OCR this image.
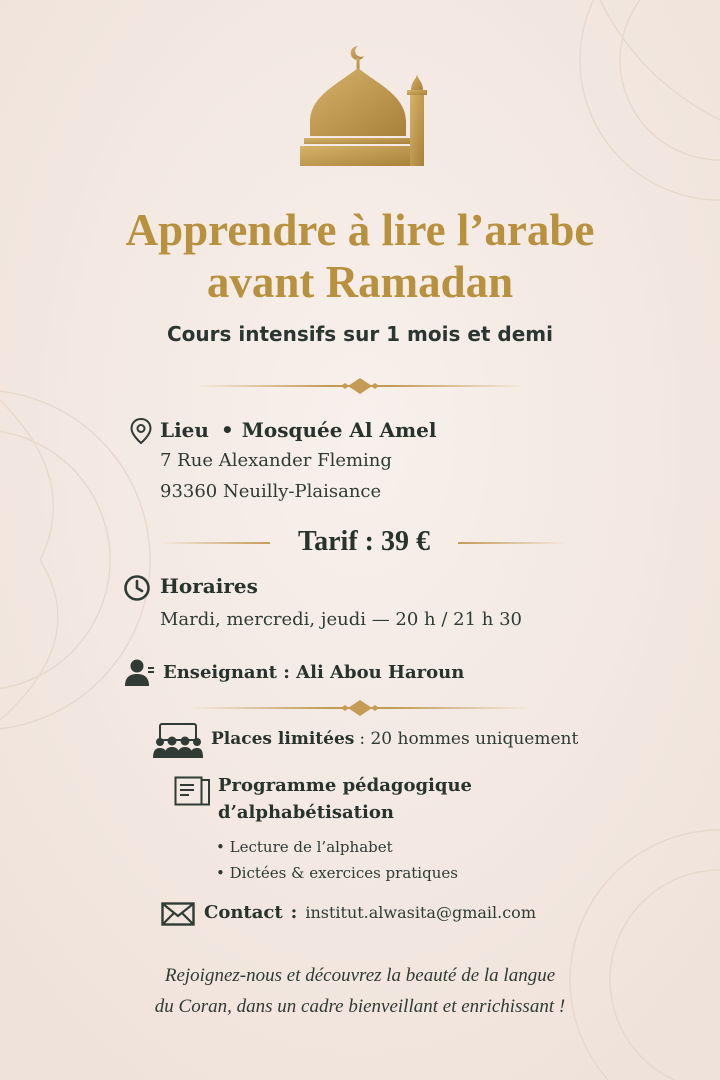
Apprendre à lire l’arabe
avant Ramadan
Cours intensifs sur 1 mois et demi
Lieu • Mosquée Al Amel
7 Rue Alexander Fleming
93360 Neuilly-Plaisance
Tarif : 39 €
Horaires
Mardi, mercredi, jeudi — 20 h / 21 h 30
Enseignant : Ali Abou Haroun
Places limitées : 20 hommes uniquement
Programme pédagogique
d’alphabétisation
• Lecture de l’alphabet
• Dictées & exercices pratiques
Contact : institut.alwasita@gmail.com
Rejoignez-nous et découvrez la beauté de la langue
du Coran, dans un cadre bienveillant et enrichissant !
